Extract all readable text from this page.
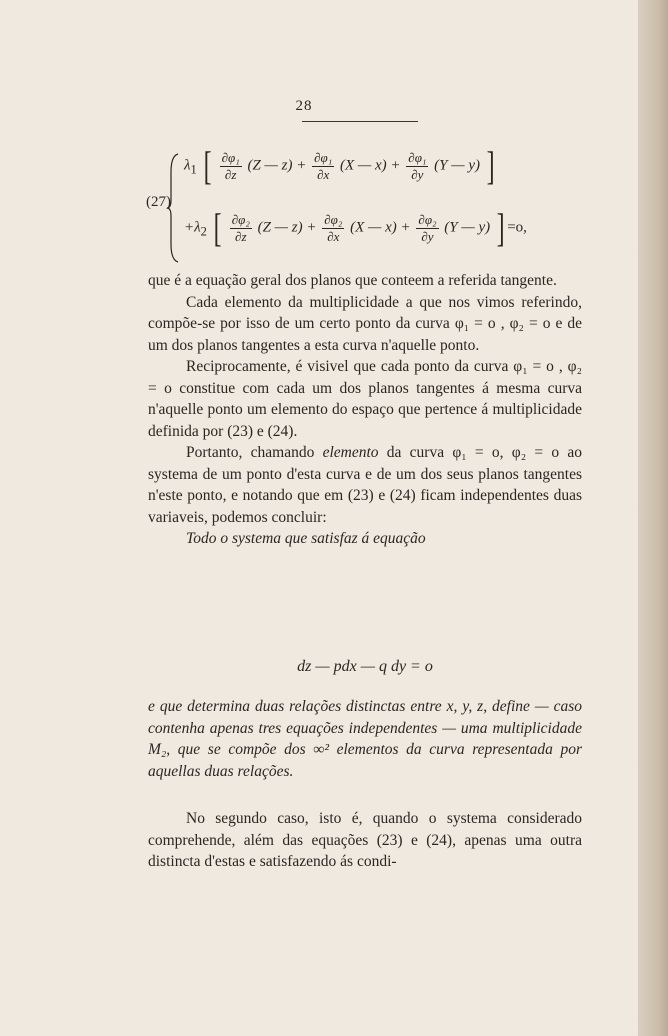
28
(27)
$\lambda_1$ [ $\frac{\text{∂φ₁}}{\partial z} (Z$ — $z) + \frac{\text{∂φ₁}}{\partial x} (X$ — $x) + \frac{\text{∂φ₁}}{\partial y} (Y$ — y) ]
$+\lambda_2$ [ $\frac{\text{∂φ₂}}{\partial z} (Z$ — $z) + \frac{\text{∂φ₂}}{\partial x} (X$ — $x) + \frac{\text{∂φ₂}}{\partial y} (Y$ — y) ] =o,

que é a equação geral dos planos que conteem a referida tangente.

Cada elemento da multiplicidade a que nos vimos referindo, compõe-se por isso de um certo ponto da curva φ₁ = o , φ₂ = o e de um dos planos tangentes a esta curva n'aquelle ponto.

Reciprocamente, é visivel que cada ponto da curva φ₁ = o , φ₂ = o constitue com cada um dos planos tangentes á mesma curva n'aquelle ponto um elemento do espaço que pertence á multiplicidade definida por (23) e (24).

Portanto, chamando elemento da curva φ₁ = o, φ₂ = o ao systema de um ponto d'esta curva e de um dos seus planos tangentes n'este ponto, e notando que em (23) e (24) ficam independentes duas variaveis, podemos concluir:

Todo o systema que satisfaz á equação

dz — pdx — q dy = o

e que determina duas relações distinctas entre x, y, z, define — caso contenha apenas tres equações independentes — uma multiplicidade M₂, que se compõe dos ∞² elementos da curva representada por aquellas duas relações.

No segundo caso, isto é, quando o systema considerado comprehende, além das equações (23) e (24), apenas uma outra distincta d'estas e satisfazendo ás condi-
